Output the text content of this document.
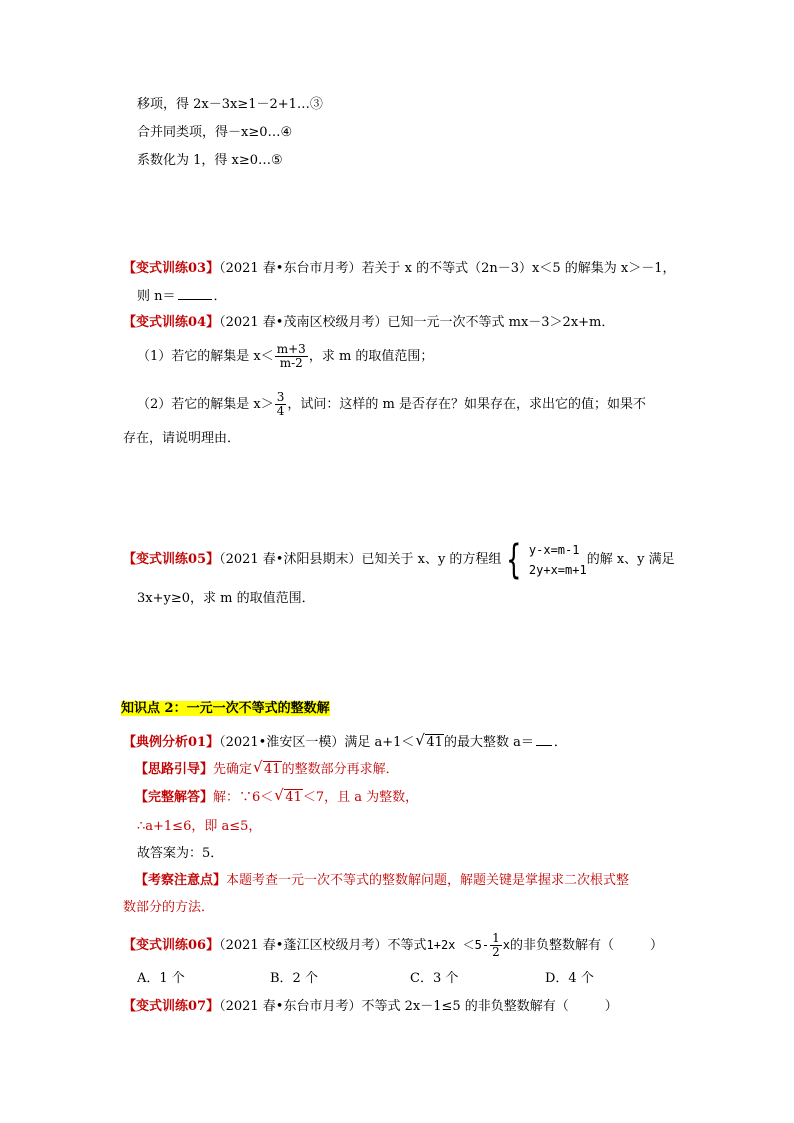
移项，得 2x－3x≥1－2+1…③
合并同类项，得－x≥0…④
系数化为 1，得 x≥0…⑤
【变式训练03】（2021 春•东台市月考）若关于 x 的不等式（2n－3）x＜5 的解集为 x＞－1，
则 n＝	．
【变式训练04】（2021 春•茂南区校级月考）已知一元一次不等式 mx－3＞2x+m．
（1）若它的解集是 $x< \frac{m+3}{m-2}$ ，求 m 的取值范围；
（2）若它的解集是 $x> \frac{3}{4}$ ，试问：这样的 m 是否存在？如果存在，求出它的值；如果不
存在，请说明理由．
【变式训练05】（2021 春•沭阳县期末）已知关于 x、y 的方程组 { y-x=m-1
2y+x=m+1
的解 x、y 满足
3x+y≥0，求 m 的取值范围．
知识点 2：一元一次不等式的整数解
【典例分析01】（2021•淮安区一模）满足 a+1＜ √ 41的最大整数 a＝ ．
【思路引导】先确定 √ 41的整数部分再求解．
【完整解答】解：∵6＜ √ 41＜7，且 a 为整数，
∴a+1≤6，即 a≤5，
故答案为：5．
【考察注意点】本题考查一元一次不等式的整数解问题，解题关键是掌握求二次根式整
数部分的方法．
【变式训练06】（2021 春•蓬江区校级月考）不等式$1+2x <5- \frac{1}{2}$ x的非负整数解有（	）
A．1 个	B．2 个	C．3 个	D．4 个
【变式训练07】（2021 春•东台市月考）不等式 2x－1≤5 的非负整数解有（	）
